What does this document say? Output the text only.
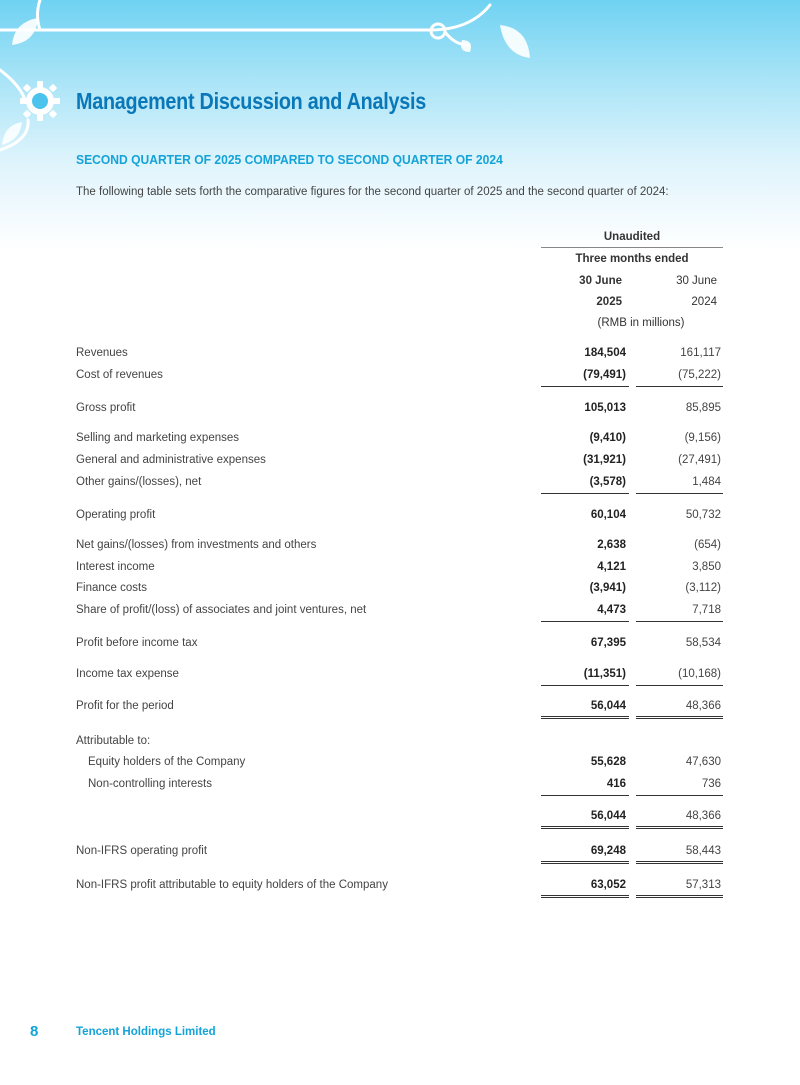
Management Discussion and Analysis
SECOND QUARTER OF 2025 COMPARED TO SECOND QUARTER OF 2024
The following table sets forth the comparative figures for the second quarter of 2025 and the second quarter of 2024:
Unaudited
Three months ended
30 June	30 June
2025	2024
(RMB in millions)
Revenues	184,504	161,117
Cost of revenues	(79,491)	(75,222)
Gross profit	105,013	85,895
Selling and marketing expenses	(9,410)	(9,156)
General and administrative expenses	(31,921)	(27,491)
Other gains/(losses), net	(3,578)	1,484
Operating profit	60,104	50,732
Net gains/(losses) from investments and others	2,638	(654)
Interest income	4,121	3,850
Finance costs	(3,941)	(3,112)
Share of profit/(loss) of associates and joint ventures, net	4,473	7,718
Profit before income tax	67,395	58,534
Income tax expense	(11,351)	(10,168)
Profit for the period	56,044	48,366
Attributable to:
Equity holders of the Company	55,628	47,630
Non-controlling interests	416	736
56,044	48,366
Non-IFRS operating profit	69,248	58,443
Non-IFRS profit attributable to equity holders of the Company	63,052	57,313
8	Tencent Holdings Limited
